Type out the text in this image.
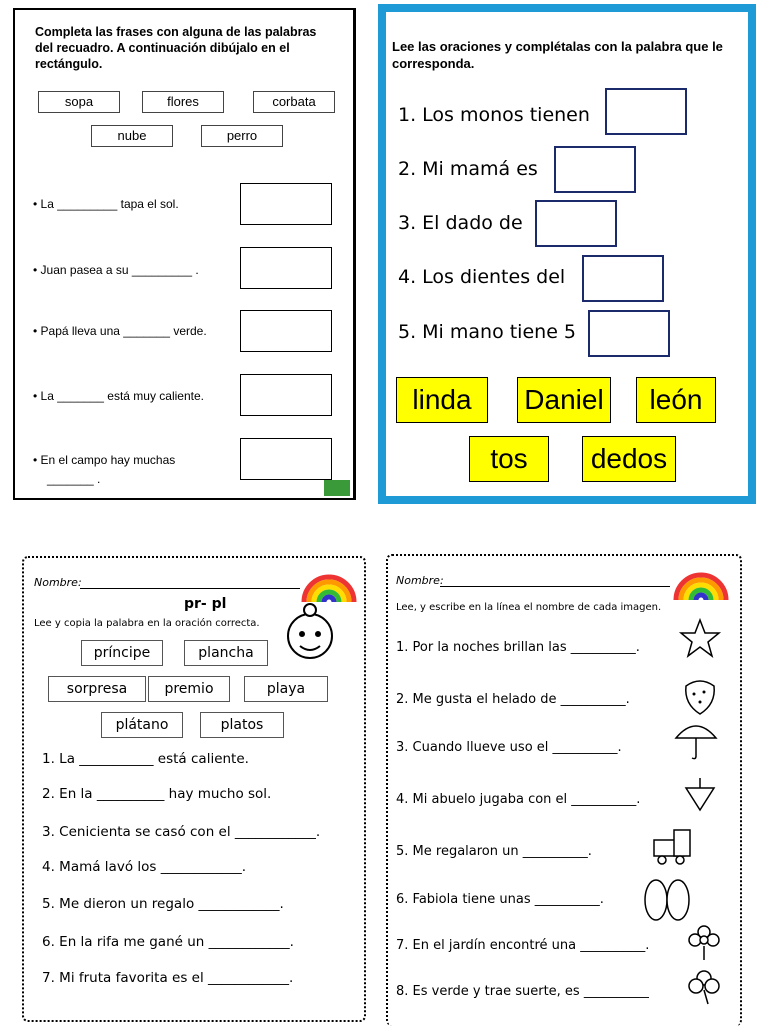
Completa las frases con alguna de las palabras del recuadro. A continuación dibújalo en el rectángulo.
sopa	flores	corbata
nube	perro
• La _________ tapa el sol.
• Juan pasea a su _________ .
• Papá lleva una _______ verde.
• La _______ está muy caliente.
• En el campo hay muchas
_______ .
Lee las oraciones y complétalas con la palabra que le corresponda.
1. Los monos tienen
2. Mi mamá es
3. El dado de
4. Los dientes del
5. Mi mano tiene 5
linda	Daniel	león
tos	dedos
Nombre:
pr- pl
Lee y copia la palabra en la oración correcta.
príncipe	plancha
sorpresa	premio	playa
plátano	platos
1. La ___________ está caliente.
2. En la __________ hay mucho sol.
3. Cenicienta se casó con el ____________.
4. Mamá lavó los ____________.
5. Me dieron un regalo ____________.
6. En la rifa me gané un ____________.
7. Mi fruta favorita es el ____________.
Nombre:
Lee, y escribe en la línea el nombre de cada imagen.
1. Por la noches brillan las __________.
2. Me gusta el helado de __________.
3. Cuando llueve uso el __________.
4. Mi abuelo jugaba con el __________.
5. Me regalaron un __________.
6. Fabiola tiene unas __________.
7. En el jardín encontré una __________.
8. Es verde y trae suerte, es __________
